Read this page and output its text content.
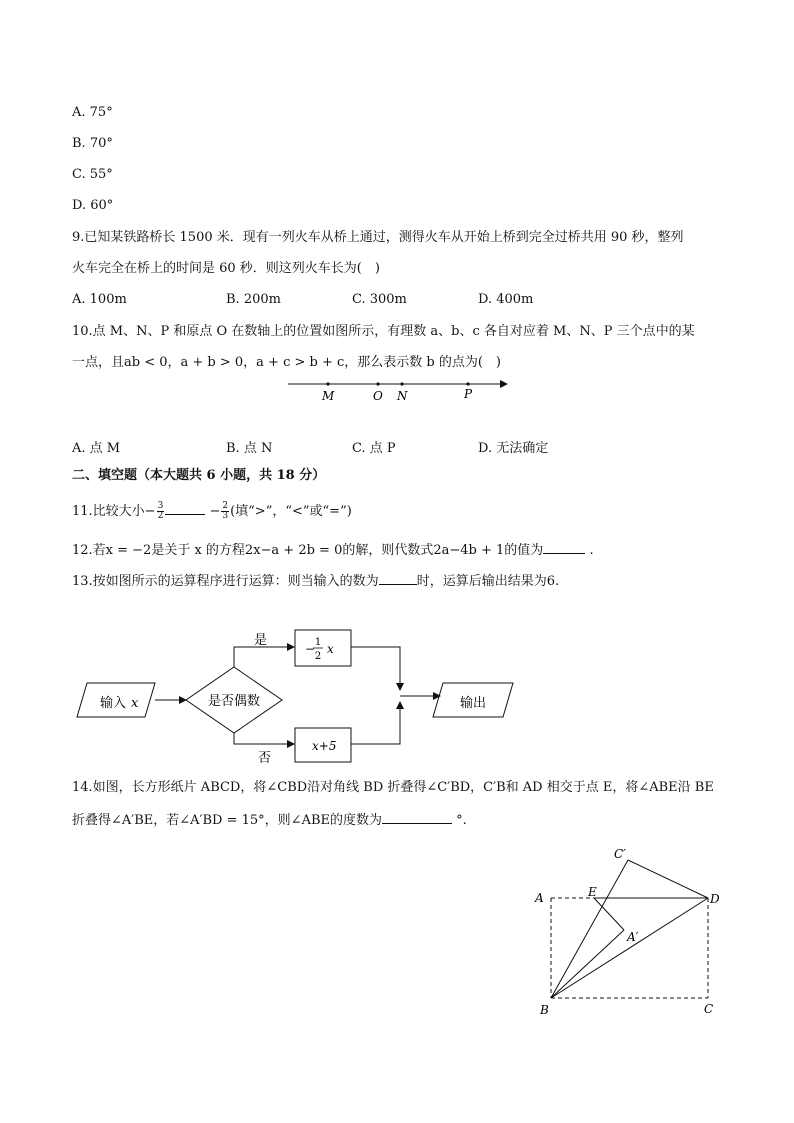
A. 75°
B. 70°
C. 55°
D. 60°
9.已知某铁路桥长 1500 米．现有一列火车从桥上通过，测得火车从开始上桥到完全过桥共用 90 秒，整列
火车完全在桥上的时间是 60 秒．则这列火车长为(　)
A. 100m	B. 200m	C. 300m	D. 400m
10.点 M、N、P 和原点 O 在数轴上的位置如图所示，有理数 a、b、c 各自对应着 M、N、P 三个点中的某
一点，且ab < 0，a + b > 0，a + c > b + c，那么表示数 b 的点为(　)
M	O N	P
A. 点 M	B. 点 N	C. 点 P	D. 无法确定
二、填空题（本大题共 6 小题，共 18 分）
11.比较大小− $\frac{3}{2}$	− $\frac{2}{3}$ (填“>”，“<”或“=”)
12.若x = −2是关于 x 的方程2x−a + 2b = 0的解，则代数式2a−4b + 1的值为	.
13.按如图所示的运算程序进行运算：则当输入的数为	时，运算后输出结果为6.
输入 x	是否偶数
是
否
− 1
2
x
x+5
输出
14.如图，长方形纸片 ABCD，将∠CBD沿对角线 BD 折叠得∠C′BD，C′B和 AD 相交于点 E，将∠ABE沿 BE
折叠得∠A′BE，若∠A′BD = 15°，则∠ABE的度数为	°.
A
B	C
D
E
C′
A′
